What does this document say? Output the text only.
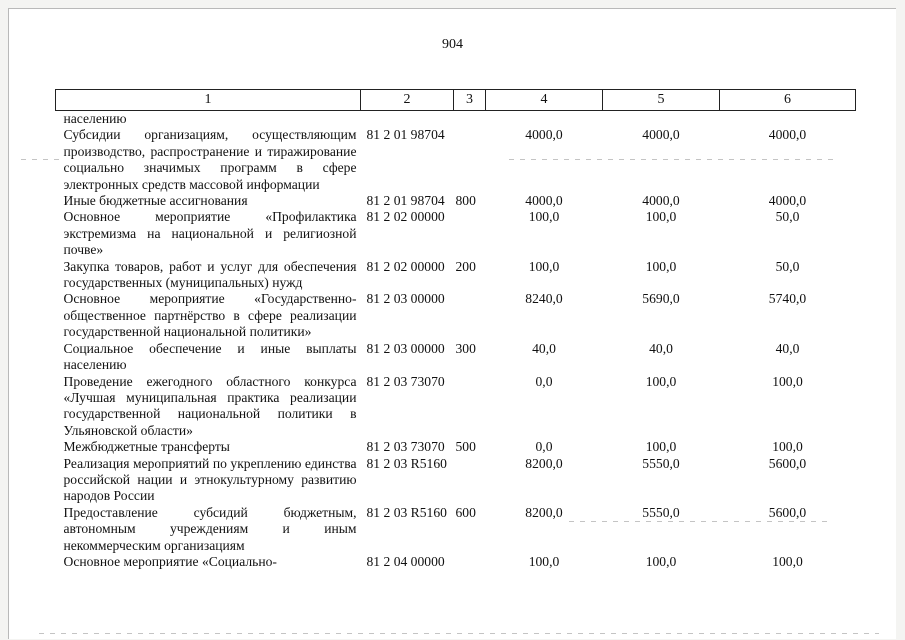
904
1	2	3	4	5	6
населению					
Субсидии организациям, осуществляющим производство, распространение и тиражирование социально значимых программ в сфере электронных средств массовой информации	81 2 01 98704		4000,0	4000,0	4000,0
Иные бюджетные ассигнования	81 2 01 98704	800	4000,0	4000,0	4000,0
Основное мероприятие «Профилактика экстремизма на национальной и религиозной почве»	81 2 02 00000		100,0	100,0	50,0
Закупка товаров, работ и услуг для обеспечения государственных (муниципальных) нужд	81 2 02 00000	200	100,0	100,0	50,0
Основное мероприятие «Государственно-общественное партнёрство в сфере реализации государственной национальной политики»	81 2 03 00000		8240,0	5690,0	5740,0
Социальное обеспечение и иные выплаты населению	81 2 03 00000	300	40,0	40,0	40,0
Проведение ежегодного областного конкурса «Лучшая муниципальная практика реализации государственной национальной политики в Ульяновской области»	81 2 03 73070		0,0	100,0	100,0
Межбюджетные трансферты	81 2 03 73070	500	0,0	100,0	100,0
Реализация мероприятий по укреплению единства российской нации и этнокультурному развитию народов России	81 2 03 R5160		8200,0	5550,0	5600,0
Предоставление субсидий бюджетным, автономным учреждениям и иным некоммерческим организациям	81 2 03 R5160	600	8200,0	5550,0	5600,0
Основное мероприятие «Социально-	81 2 04 00000		100,0	100,0	100,0
